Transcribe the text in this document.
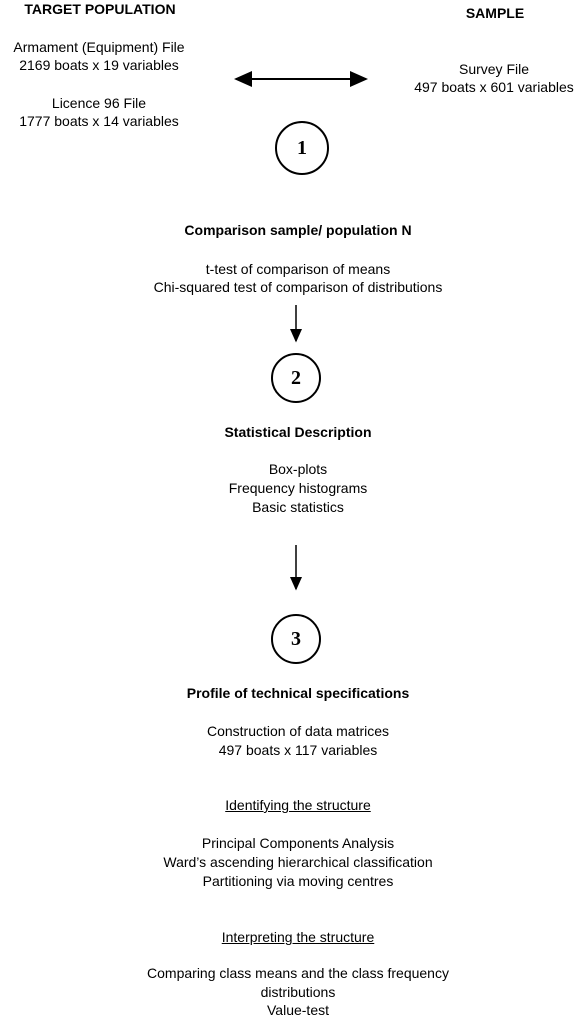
TARGET POPULATION	SAMPLE
Armament (Equipment) File
2169 boats x 19 variables
Licence 96 File
1777 boats x 14 variables
Survey File
497 boats x 601 variables
1
Comparison sample/ population N
t-test of comparison of means
Chi-squared test of comparison of distributions
2
Statistical Description
Box-plots
Frequency histograms
Basic statistics
3
Profile of technical specifications
Construction of data matrices
497 boats x 117 variables
Identifying the structure
Principal Components Analysis
Ward’s ascending hierarchical classification
Partitioning via moving centres
Interpreting the structure
Comparing class means and the class frequency
distributions
Value-test
